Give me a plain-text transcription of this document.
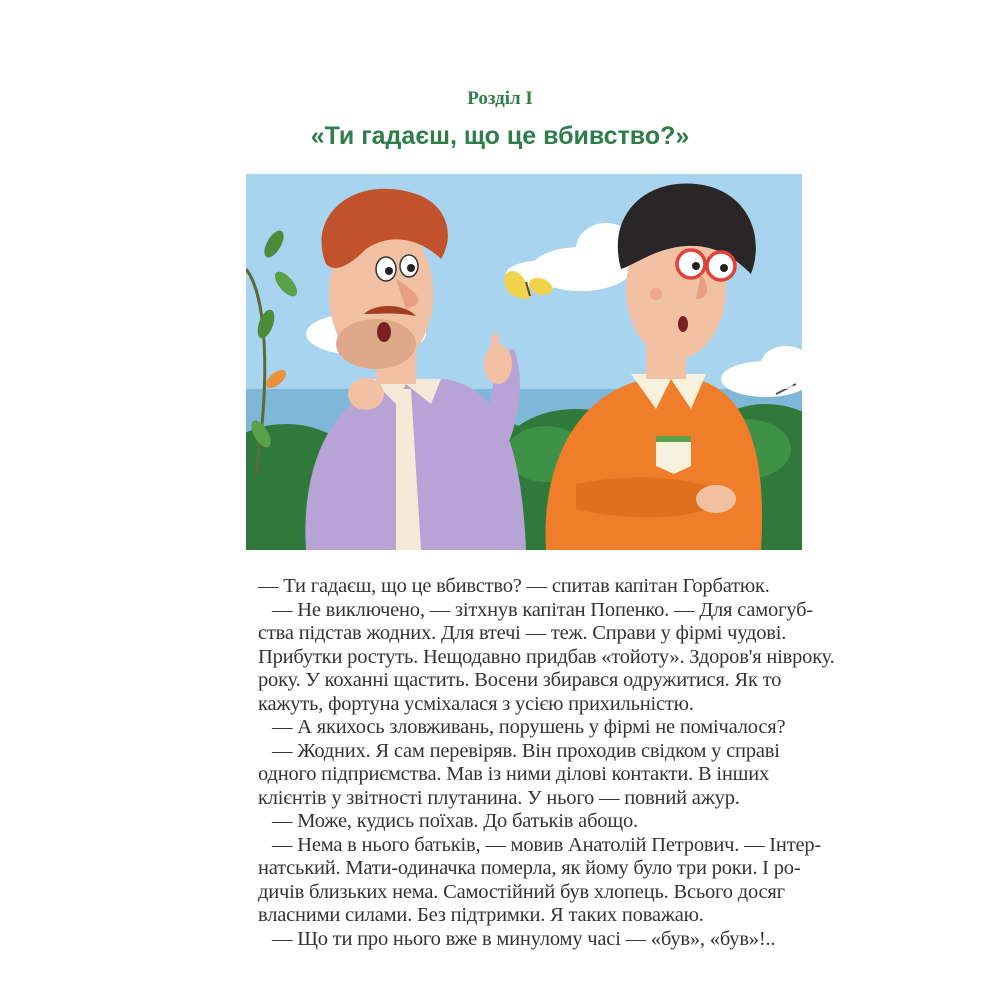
Розділ I
«Ти гадаєш, що це вбивство?»
— Ти гадаєш, що це вбивство? — спитав капітан Горбатюк.
— Не виключено, — зітхнув капітан Попенко. — Для самогуб-
ства підстав жодних. Для втечі — теж. Справи у фірмі чудові.
Прибутки ростуть. Нещодавно придбав «тойоту». Здоров'я нівроку.
року. У коханні щастить. Восени збирався одружитися. Як то
кажуть, фортуна усміхалася з усією прихильністю.
— А якихось зловживань, порушень у фірмі не помічалося?
— Жодних. Я сам перевіряв. Він проходив свідком у справі
одного підприємства. Мав із ними ділові контакти. В інших
клієнтів у звітності плутанина. У нього — повний ажур.
— Може, кудись поїхав. До батьків абощо.
— Нема в нього батьків, — мовив Анатолій Петрович. — Інтер-
натський. Мати-одиначка померла, як йому було три роки. І ро-
дичів близьких нема. Самостійний був хлопець. Всього досяг
власними силами. Без підтримки. Я таких поважаю.
— Що ти про нього вже в минулому часі — «був», «був»!..
